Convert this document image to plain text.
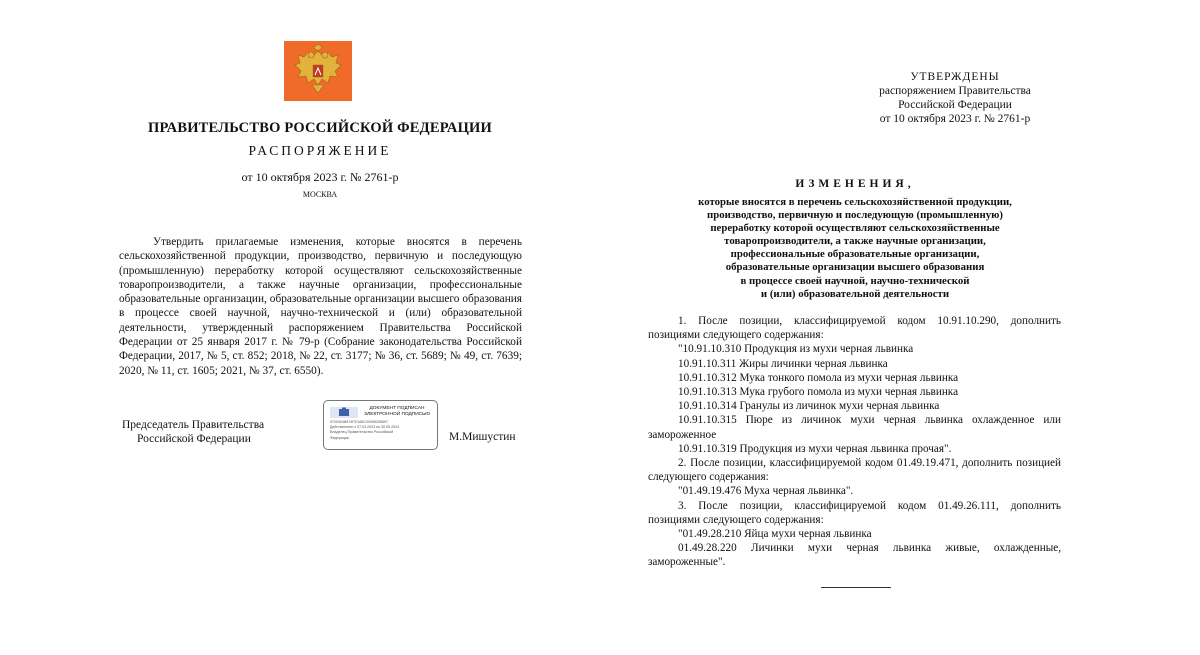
ПРАВИТЕЛЬСТВО РОССИЙСКОЙ ФЕДЕРАЦИИ
РАСПОРЯЖЕНИЕ
от 10 октября 2023 г. № 2761-р
МОСКВА

Утвердить прилагаемые изменения, которые вносятся в перечень сельскохозяйственной продукции, производство, первичную и последующую (промышленную) переработку которой осуществляют сельскохозяйственные товаропроизводители, а также научные организации, профессиональные образовательные организации, образовательные организации высшего образования в процессе своей научной, научно-технической и (или) образовательной деятельности, утвержденный распоряжением Правительства Российской Федерации от 25 января 2017 г. № 79-р (Собрание законодательства Российской Федерации, 2017, № 5, ст. 852; 2018, № 22, ст. 3177; № 36, ст. 5689; № 49, ст. 7639; 2020, № 11, ст. 1605; 2021, № 37, ст. 6550).

Председатель Правительства
Российской Федерации
ДОКУМЕНТ ПОДПИСАН
ЭЛЕКТРОННОЙ ПОДПИСЬЮ
5725304B874FE1A6C00089290697
Действителен с 07.03.2023 по 30.05.2024
Владелец Правительство Российской
Федерации	М.Мишустин
УТВЕРЖДЕНЫ
распоряжением Правительства
Российской Федерации
от 10 октября 2023 г. № 2761-р
ИЗМЕНЕНИЯ,
которые вносятся в перечень сельскохозяйственной продукции,
производство, первичную и последующую (промышленную)
переработку которой осуществляют сельскохозяйственные
товаропроизводители, а также научные организации,
профессиональные образовательные организации,
образовательные организации высшего образования
в процессе своей научной, научно-технической
и (или) образовательной деятельности

1. После позиции, классифицируемой кодом 10.91.10.290, дополнить позициями следующего содержания:

"10.91.10.310 Продукция из мухи черная львинка

10.91.10.311 Жиры личинки черная львинка

10.91.10.312 Мука тонкого помола из мухи черная львинка

10.91.10.313 Мука грубого помола из мухи черная львинка

10.91.10.314 Гранулы из личинок мухи черная львинка

10.91.10.315 Пюре из личинок мухи черная львинка охлажденное или замороженное

10.91.10.319 Продукция из мухи черная львинка прочая".

2. После позиции, классифицируемой кодом 01.49.19.471, дополнить позицией следующего содержания:

"01.49.19.476 Муха черная львинка".

3. После позиции, классифицируемой кодом 01.49.26.111, дополнить позициями следующего содержания:

"01.49.28.210 Яйца мухи черная львинка

01.49.28.220 Личинки мухи черная львинка живые, охлажденные, замороженные".
